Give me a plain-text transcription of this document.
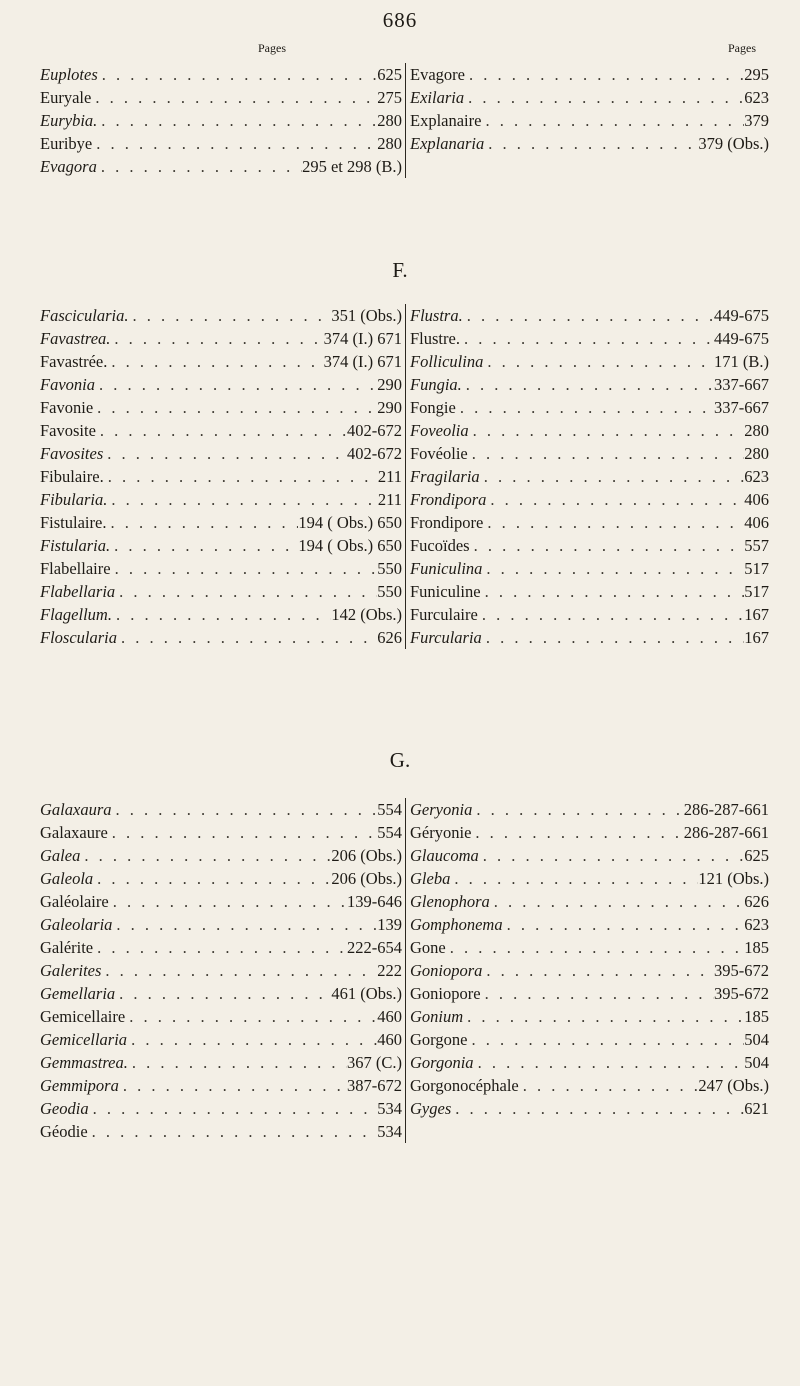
686
Pages	Pages
Euplotes . . .	625
Euryale . . .	275
Eurybia. . . .	280
Euribye . . .	280
Evagora . . .	295 et 298 (B.)
Evagore . . .	295
Exilaria . . .	623
Explanaire . . .	379
Explanaria . . .	379 (Obs.)
F.
Fascicularia. . . .	351 (Obs.)
Favastrea. . . .	374 (I.) 671
Favastrée. . . .	374 (I.) 671
Favonia . . .	290
Favonie . . .	290
Favosite . . .	402-672
Favosites . . .	402-672
Fibulaire. . . .	211
Fibularia. . . .	211
Fistulaire. . . .	194 ( Obs.) 650
Fistularia. . . .	194 ( Obs.) 650
Flabellaire . . .	550
Flabellaria . . .	550
Flagellum. . . .	142 (Obs.)
Floscularia . . .	626
Flustra. . . .	449-675
Flustre. . . .	449-675
Folliculina . . .	171 (B.)
Fungia. . . .	337-667
Fongie . . .	337-667
Foveolia . . .	280
Fovéolie . . .	280
Fragilaria . . .	623
Frondipora . . .	406
Frondipore . . .	406
Fucoïdes . . .	557
Funiculina . . .	517
Funiculine . . .	517
Furculaire . . .	167
Furcularia . . .	167
G.
Galaxaura . . .	554
Galaxaure . . .	554
Galea . . .	206 (Obs.)
Galeola . . .	206 (Obs.)
Galéolaire . . .	139-646
Galeolaria . . .	139
Galérite . . .	222-654
Galerites . . .	222
Gemellaria . . .	461 (Obs.)
Gemicellaire . . .	460
Gemicellaria . . .	460
Gemmastrea. . . .	367 (C.)
Gemmipora . . .	387-672
Geodia . . .	534
Géodie . . .	534
Geryonia . . .	286-287-661
Géryonie . . .	286-287-661
Glaucoma . . .	625
Gleba . . .	121 (Obs.)
Glenophora . . .	626
Gomphonema . . .	623
Gone . . .	185
Goniopora . . .	395-672
Goniopore . . .	395-672
Gonium . . .	185
Gorgone . . .	504
Gorgonia . . .	504
Gorgonocéphale . . .	247 (Obs.)
Gyges . . .	621
